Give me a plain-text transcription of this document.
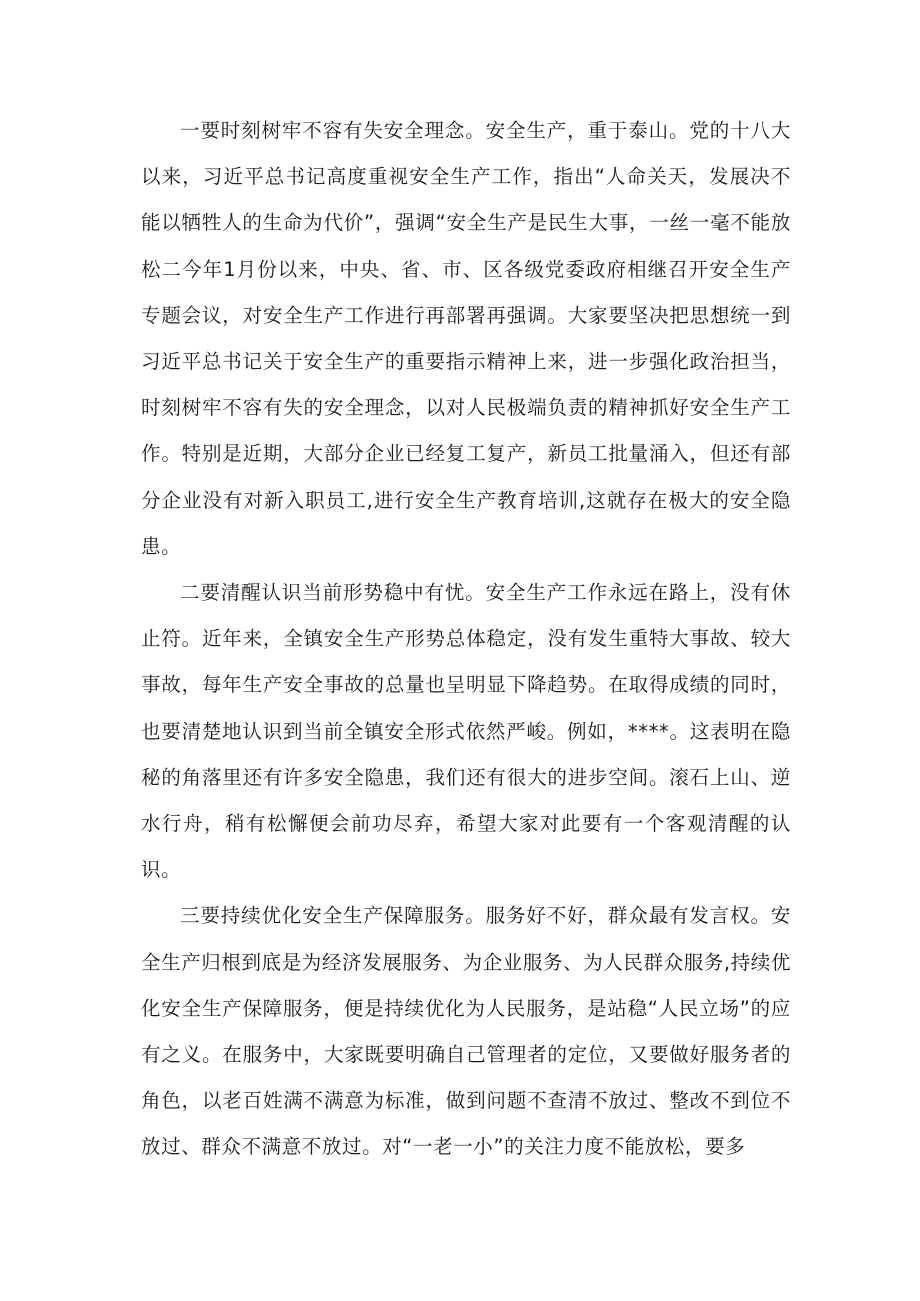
一要时刻树牢不容有失安全理念。安全生产，重于泰山。党的十八大以来，习近平总书记高度重视安全生产工作，指出“人命关天，发展决不能以牺牲人的生命为代价”，强调“安全生产是民生大事，一丝一毫不能放松二今年1月份以来，中央、省、市、区各级党委政府相继召开安全生产专题会议，对安全生产工作进行再部署再强调。大家要坚决把思想统一到习近平总书记关于安全生产的重要指示精神上来，进一步强化政治担当，时刻树牢不容有失的安全理念，以对人民极端负责的精神抓好安全生产工作。特别是近期，大部分企业已经复工复产，新员工批量涌入，但还有部分企业没有对新入职员工,进行安全生产教育培训,这就存在极大的安全隐患。

二要清醒认识当前形势稳中有忧。安全生产工作永远在路上，没有休止符。近年来，全镇安全生产形势总体稳定，没有发生重特大事故、较大事故，每年生产安全事故的总量也呈明显下降趋势。在取得成绩的同时，也要清楚地认识到当前全镇安全形式依然严峻。例如，****。这表明在隐秘的角落里还有许多安全隐患，我们还有很大的进步空间。滚石上山、逆水行舟，稍有松懈便会前功尽弃，希望大家对此要有一个客观清醒的认识。

三要持续优化安全生产保障服务。服务好不好，群众最有发言权。安全生产归根到底是为经济发展服务、为企业服务、为人民群众服务,持续优化安全生产保障服务，便是持续优化为人民服务，是站稳“人民立场”的应有之义。在服务中，大家既要明确自己管理者的定位，又要做好服务者的角色，以老百姓满不满意为标准，做到问题不查清不放过、整改不到位不放过、群众不满意不放过。对“一老一小”的关注力度不能放松，要多
